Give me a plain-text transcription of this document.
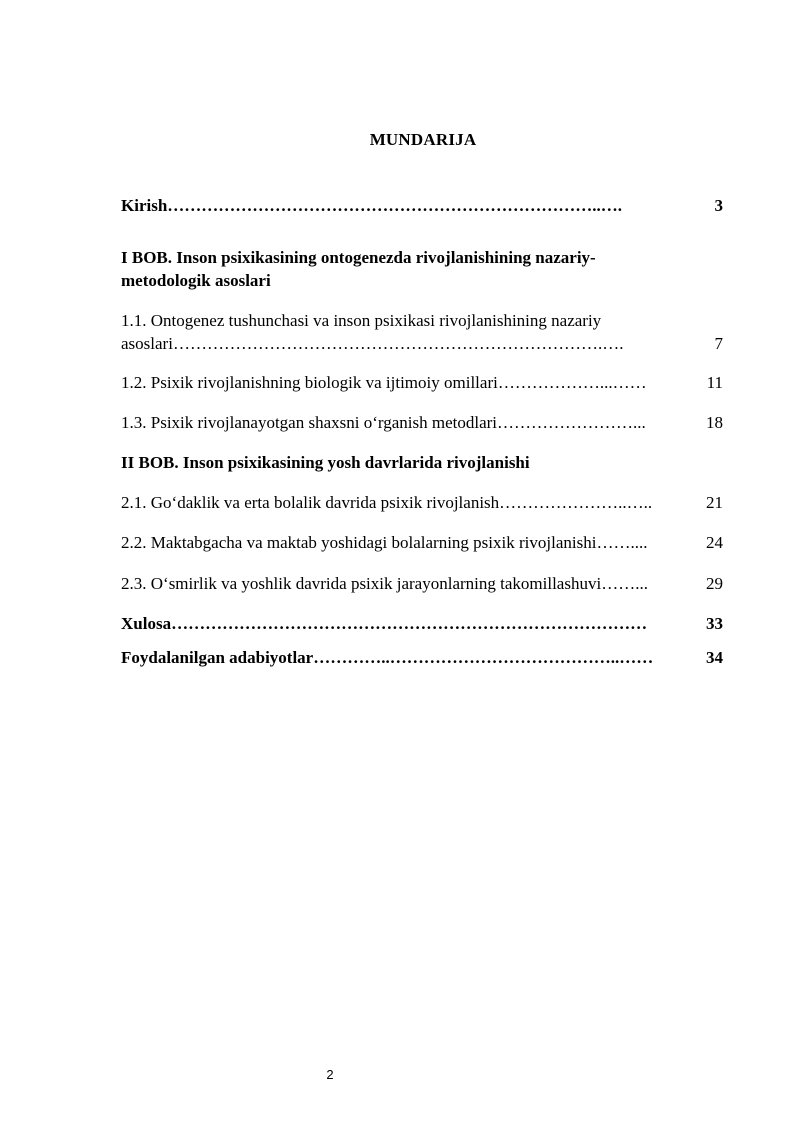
MUNDARIJA
Kirish …………………………………………………………………..….	3
I BOB. Inson psixikasining ontogenezda rivojlanishining nazariy-
metodologik asoslari
1.1. Ontogenez tushunchasi va inson psixikasi rivojlanishining nazariy
asoslari ………………………………………………………………….….	7
1.2. Psixik rivojlanishning biologik va ijtimoiy omillari ………………...……	11
1.3. Psixik rivojlanayotgan shaxsni oʻrganish metodlari ……………………...	18
II BOB. Inson psixikasining yosh davrlarida rivojlanishi
2.1. Goʻdaklik va erta bolalik davrida psixik rivojlanish …………………..…..	21
2.2. Maktabgacha va maktab yoshidagi bolalarning psixik rivojlanishi ……....	24
2.3. Oʻsmirlik va yoshlik davrida psixik jarayonlarning takomillashuvi ……...	29
Xulosa …………………………………………………………………………	33
Foydalanilgan adabiyotlar …………..…………………………………..……	34
2
